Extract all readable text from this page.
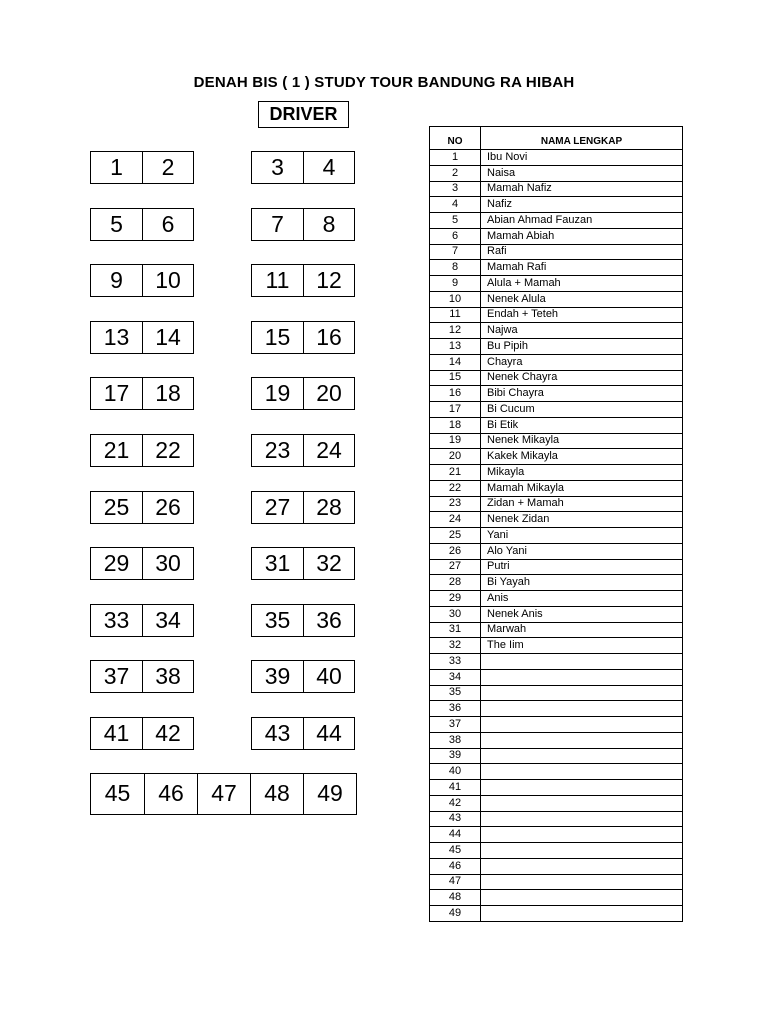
DENAH BIS ( 1 ) STUDY TOUR BANDUNG RA HIBAH
DRIVER
1	2	3	4
5	6	7	8
9	10	11	12
13	14	15	16
17	18	19	20
21	22	23	24
25	26	27	28
29	30	31	32
33	34	35	36
37	38	39	40
41	42	43	44
45	46	47	48	49
NO	NAMA LENGKAP
1	Ibu Novi
2	Naisa
3	Mamah Nafiz
4	Nafiz
5	Abian Ahmad Fauzan
6	Mamah Abiah
7	Rafi
8	Mamah Rafi
9	Alula + Mamah
10	Nenek Alula
11	Endah + Teteh
12	Najwa
13	Bu Pipih
14	Chayra
15	Nenek Chayra
16	Bibi Chayra
17	Bi Cucum
18	Bi Etik
19	Nenek Mikayla
20	Kakek Mikayla
21	Mikayla
22	Mamah Mikayla
23	Zidan + Mamah
24	Nenek Zidan
25	Yani
26	Alo Yani
27	Putri
28	Bi Yayah
29	Anis
30	Nenek Anis
31	Marwah
32	The Iim
33	
34	
35	
36	
37	
38	
39	
40	
41	
42	
43	
44	
45	
46	
47	
48	
49	
